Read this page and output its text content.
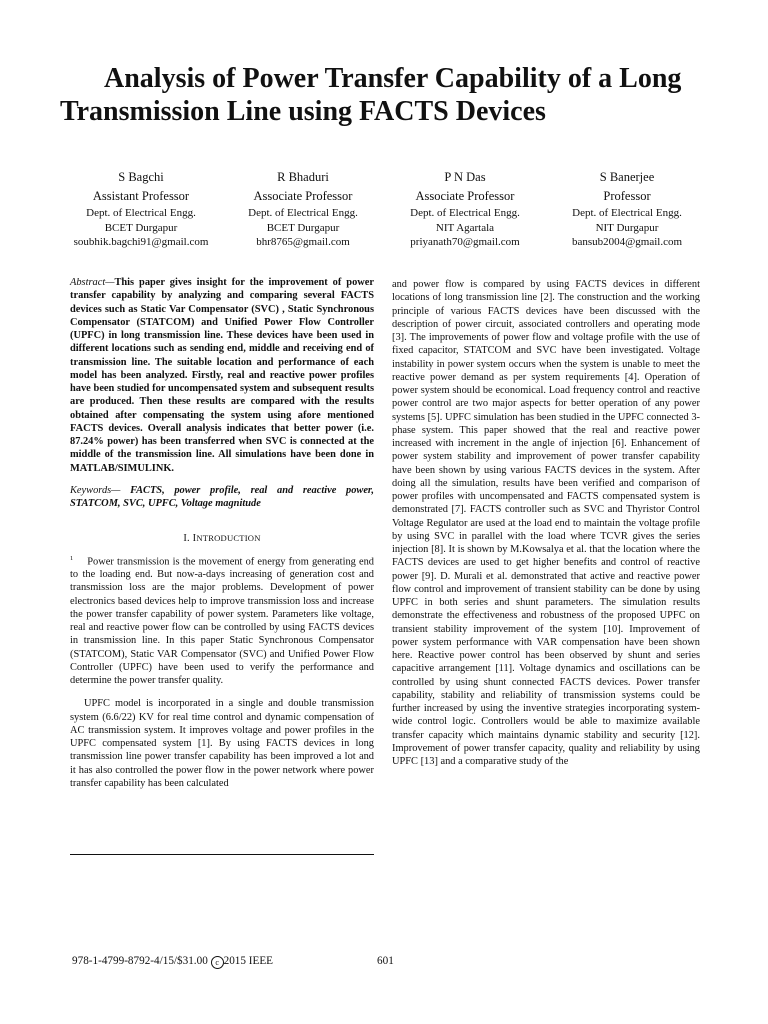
Analysis of Power Transfer Capability of a Long Transmission Line using FACTS Devices
S Bagchi
Assistant Professor
Dept. of Electrical Engg.
BCET Durgapur
soubhik.bagchi91@gmail.com
R Bhaduri
Associate Professor
Dept. of Electrical Engg.
BCET Durgapur
bhr8765@gmail.com
P N Das
Associate Professor
Dept. of Electrical Engg.
NIT Agartala
priyanath70@gmail.com
S Banerjee
Professor
Dept. of Electrical Engg.
NIT Durgapur
bansub2004@gmail.com

Abstract—This paper gives insight for the improvement of power transfer capability by analyzing and comparing several FACTS devices such as Static Var Compensator (SVC) , Static Synchronous Compensator (STATCOM) and Unified Power Flow Controller (UPFC) in long transmission line. These devices have been used in different locations such as sending end, middle and receiving end of transmission line. The suitable location and performance of each model has been analyzed. Firstly, real and reactive power profiles have been studied for uncompensated system and subsequent results are produced. Then these results are compared with the results obtained after compensating the system using afore mentioned FACTS devices. Overall analysis indicates that better power (i.e. 87.24% power) has been transferred when SVC is connected at the middle of the transmission line. All simulations have been done in MATLAB/SIMULINK.

Keywords— FACTS, power profile, real and reactive power, STATCOM, SVC, UPFC, Voltage magnitude

I. INTRODUCTION

$^1$ Power transmission is the movement of energy from generating end to the loading end. But now-a-days increasing of generation cost and transmission loss are the major problems. Development of power electronics based devices help to improve transmission loss and increase the power transfer capability of power system. Parameters like voltage, real and reactive power flow can be controlled by using FACTS devices in transmission line. In this paper Static Synchronous Compensator (STATCOM), Static VAR Compensator (SVC) and Unified Power Flow Controller (UPFC) have been used to verify the performance and determine the power transfer quality.

UPFC model is incorporated in a single and double transmission system (6.6/22) KV for real time control and dynamic compensation of AC transmission system. It improves voltage and power profiles in the UPFC compensated system [1]. By using FACTS devices in long transmission line power transfer capability has been improved a lot and it has also controlled the power flow in the power network where power transfer capability has been calculated

and power flow is compared by using FACTS devices in different locations of long transmission line [2]. The construction and the working principle of various FACTS devices have been discussed with the description of power circuit, associated controllers and operating mode [3]. The improvements of power flow and voltage profile with the use of fixed capacitor, STATCOM and SVC have been investigated. Voltage instability in power system occurs when the system is unable to meet the reactive power demand as per system requirements [4]. Operation of power system should be economical. Load frequency control and reactive power control are two major aspects for better operation of any power systems [5]. UPFC simulation has been studied in the UPFC connected 3-phase system. This paper showed that the real and reactive power increased with increment in the angle of injection [6]. Enhancement of power system stability and improvement of power transfer capability have been shown by using various FACTS devices in the system. After doing all the simulation, results have been verified and comparison of power profiles with uncompensated and FACTS compensated system is demonstrated [7]. FACTS controller such as SVC and Thyristor Control Voltage Regulator are used at the load end to maintain the voltage profile by using SVC in parallel with the load where TCVR gives the series injection [8]. It is shown by M.Kowsalya et al. that the location where the FACTS devices are used to get higher benefits and control of reactive power [9]. D. Murali et al. demonstrated that active and reactive power flow control and improvement of transient stability can be done by using UPFC in both series and shunt parameters. The simulation results demonstrate the effectiveness and robustness of the proposed UPFC on transient stability improvement of the system [10]. Improvement of power system performance with VAR compensation have been shown here. Reactive power control has been observed by shunt and series capacitive arrangement [11]. Voltage dynamics and oscillations can be controlled by using shunt connected FACTS devices. Power transfer capability, stability and reliability of transmission systems could be further increased by using the inventive strategies incorporating system-wide control logic. Controllers would be able to maximize available transfer capacity which maintains dynamic stability and security [12]. Improvement of power transfer capacity, quality and reliability by using UPFC [13] and a comparative study of the

978-1-4799-8792-4/15/$31.00 c 2015 IEEE	601
